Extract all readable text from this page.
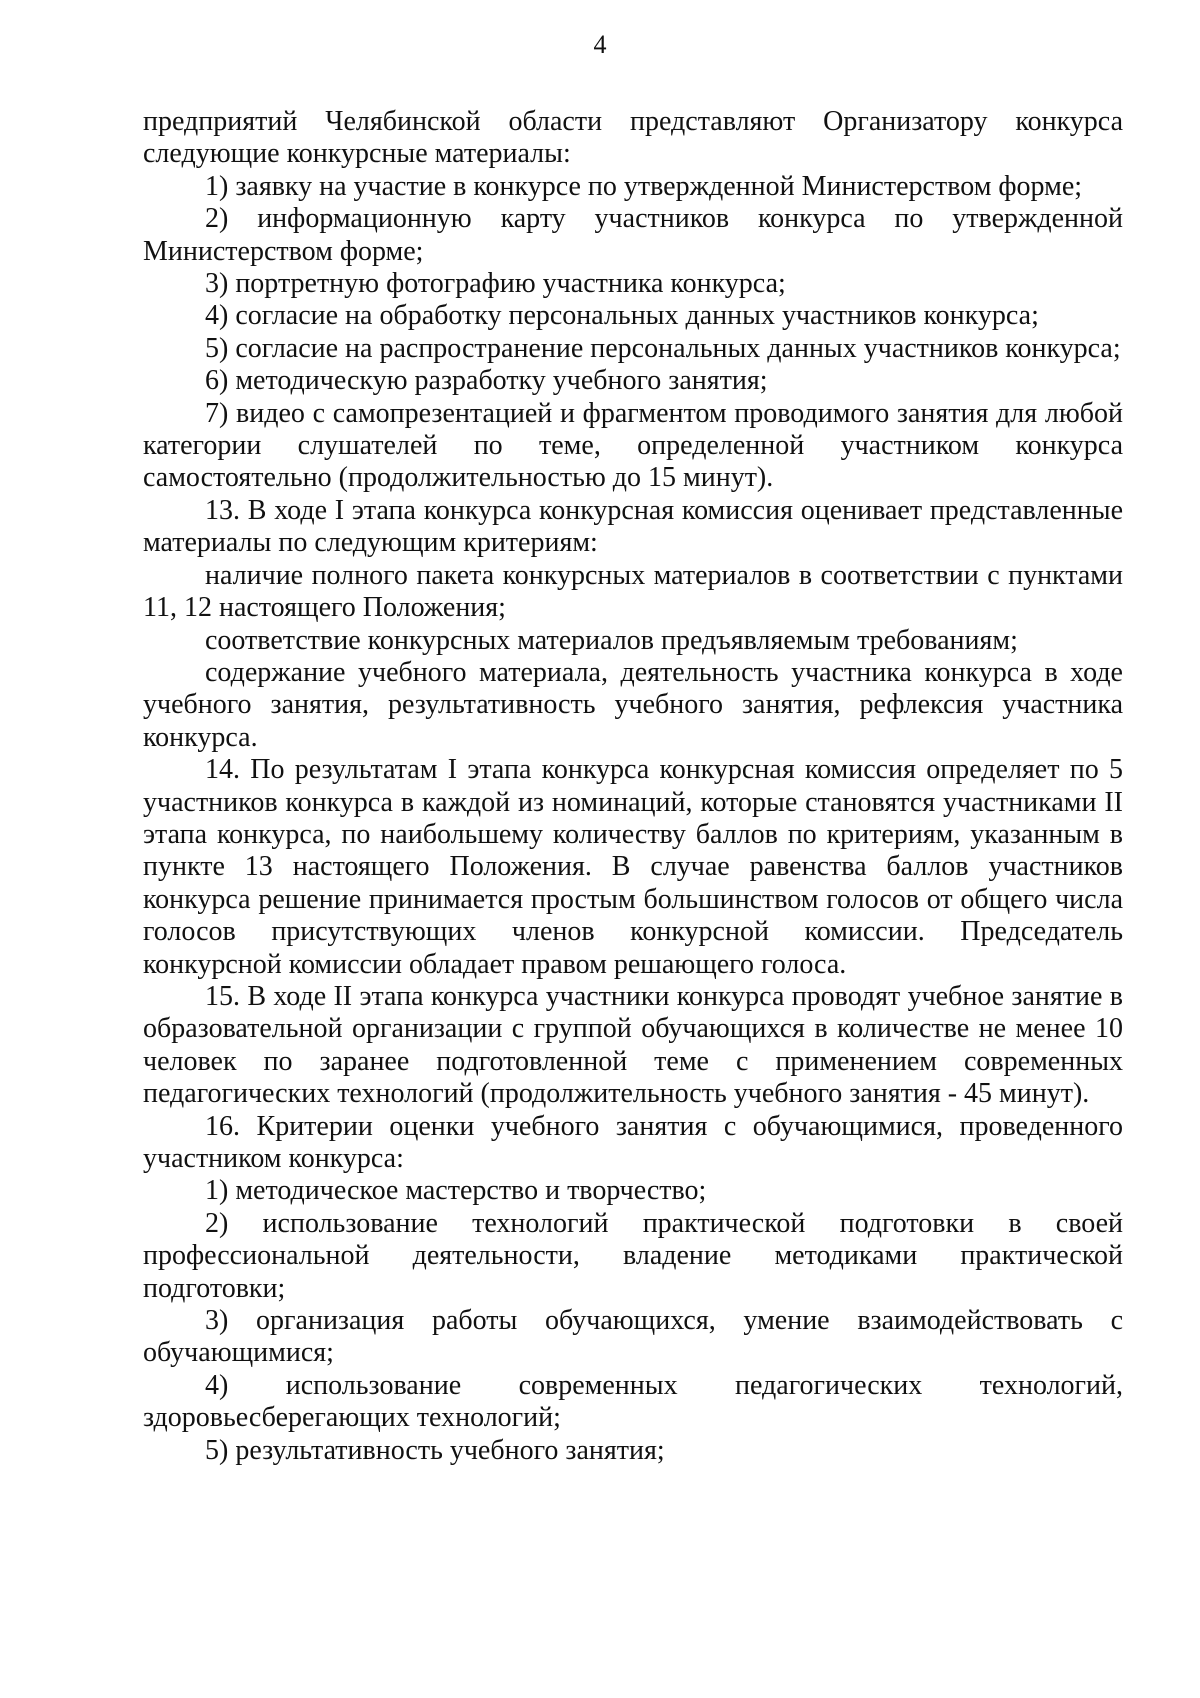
4

предприятий Челябинской области представляют Организатору конкурса следующие конкурсные материалы:

1) заявку на участие в конкурсе по утвержденной Министерством форме;

2) информационную карту участников конкурса по утвержденной Министерством форме;

3) портретную фотографию участника конкурса;

4) согласие на обработку персональных данных участников конкурса;

5) согласие на распространение персональных данных участников конкурса;

6) методическую разработку учебного занятия;

7) видео с самопрезентацией и фрагментом проводимого занятия для любой категории слушателей по теме, определенной участником конкурса самостоятельно (продолжительностью до 15 минут).

13. В ходе I этапа конкурса конкурсная комиссия оценивает представленные материалы по следующим критериям:

наличие полного пакета конкурсных материалов в соответствии с пунктами 11, 12 настоящего Положения;

соответствие конкурсных материалов предъявляемым требованиям;

содержание учебного материала, деятельность участника конкурса в ходе учебного занятия, результативность учебного занятия, рефлексия участника конкурса.

14. По результатам I этапа конкурса конкурсная комиссия определяет по 5 участников конкурса в каждой из номинаций, которые становятся участниками II этапа конкурса, по наибольшему количеству баллов по критериям, указанным в пункте 13 настоящего Положения. В случае равенства баллов участников конкурса решение принимается простым большинством голосов от общего числа голосов присутствующих членов конкурсной комиссии. Председатель конкурсной комиссии обладает правом решающего голоса.

15. В ходе II этапа конкурса участники конкурса проводят учебное занятие в образовательной организации с группой обучающихся в количестве не менее 10 человек по заранее подготовленной теме с применением современных педагогических технологий (продолжительность учебного занятия - 45 минут).

16. Критерии оценки учебного занятия с обучающимися, проведенного участником конкурса:

1) методическое мастерство и творчество;

2) использование технологий практической подготовки в своей профессиональной деятельности, владение методиками практической подготовки;

3) организация работы обучающихся, умение взаимодействовать с обучающимися;

4) использование современных педагогических технологий, здоровьесберегающих технологий;

5) результативность учебного занятия;
